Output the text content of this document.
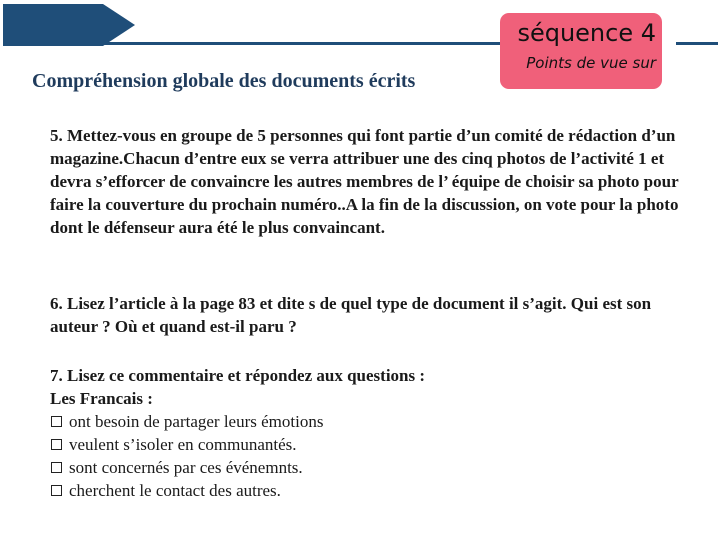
séquence 4
Points de vue sur
Compréhension globale des documents écrits

5. Mettez-vous en groupe de 5 personnes qui font partie d’un comité de rédaction d’un magazine.Chacun d’entre eux se verra attribuer une des cinq photos de l’activité 1 et devra s’efforcer de convaincre les autres membres de l’ équipe de choisir sa photo pour faire la couverture du prochain numéro..A la fin de la discussion, on vote pour la photo dont le défenseur aura été le plus convaincant.

6. Lisez l’article à la page 83 et dite s de quel type de document il s’agit. Qui est son auteur ? Où et quand est-il paru ?

7. Lisez ce commentaire et répondez aux questions :
Les Francais :
ont besoin de partager leurs émotions
veulent s’isoler en communantés.
sont concernés par ces événemnts.
cherchent le contact des autres.
